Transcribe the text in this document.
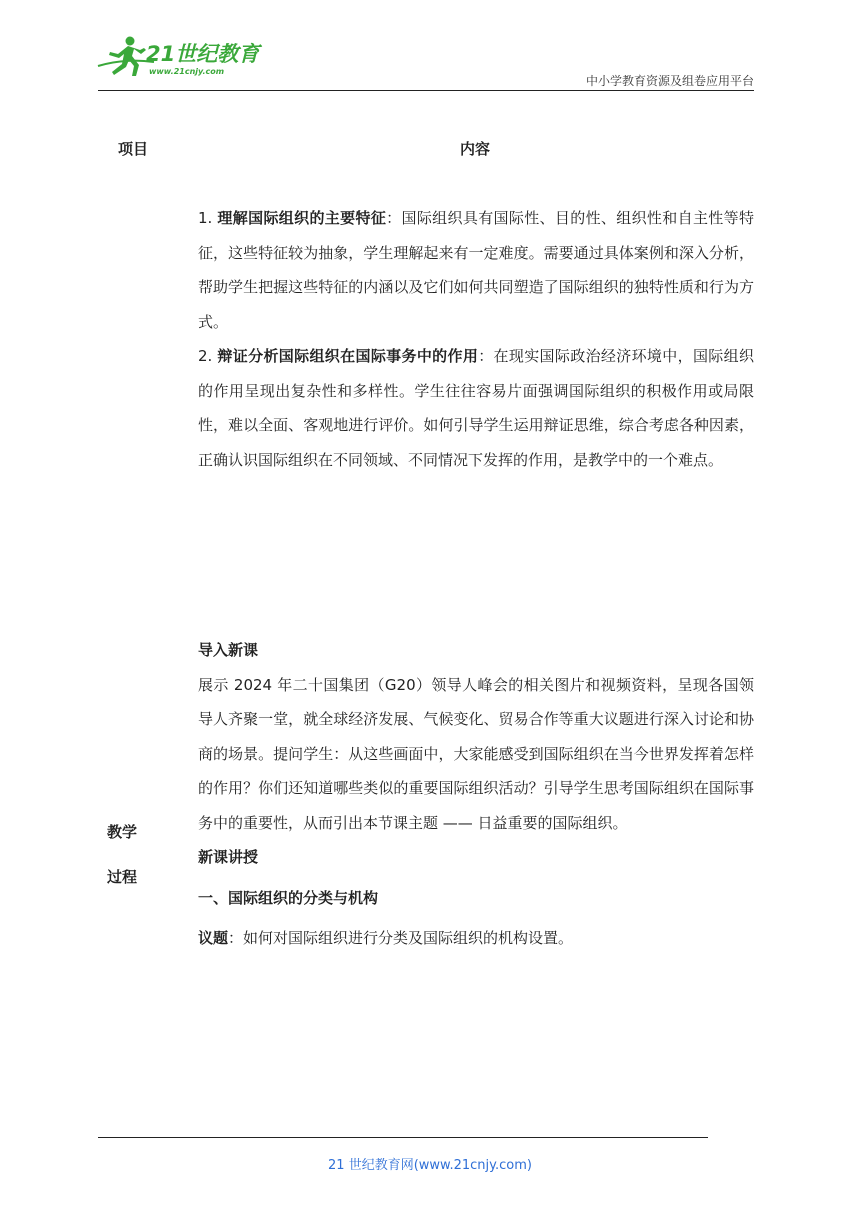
21世纪教育
www.21cnjy.com
中小学教育资源及组卷应用平台
项目	内容

1. 理解国际组织的主要特征：国际组织具有国际性、目的性、组织性和自主性等特征，这些特征较为抽象，学生理解起来有一定难度。需要通过具体案例和深入分析，帮助学生把握这些特征的内涵以及它们如何共同塑造了国际组织的独特性质和行为方式。

2. 辩证分析国际组织在国际事务中的作用：在现实国际政治经济环境中，国际组织的作用呈现出复杂性和多样性。学生往往容易片面强调国际组织的积极作用或局限性，难以全面、客观地进行评价。如何引导学生运用辩证思维，综合考虑各种因素，正确认识国际组织在不同领域、不同情况下发挥的作用，是教学中的一个难点。

教学
过程

导入新课

展示 2024 年二十国集团（G20）领导人峰会的相关图片和视频资料，呈现各国领导人齐聚一堂，就全球经济发展、气候变化、贸易合作等重大议题进行深入讨论和协商的场景。提问学生：从这些画面中，大家能感受到国际组织在当今世界发挥着怎样的作用？你们还知道哪些类似的重要国际组织活动？引导学生思考国际组织在国际事务中的重要性，从而引出本节课主题 —— 日益重要的国际组织。

新课讲授

一、国际组织的分类与机构

议题：如何对国际组织进行分类及国际组织的机构设置。

21 世纪教育网(www.21cnjy.com)
